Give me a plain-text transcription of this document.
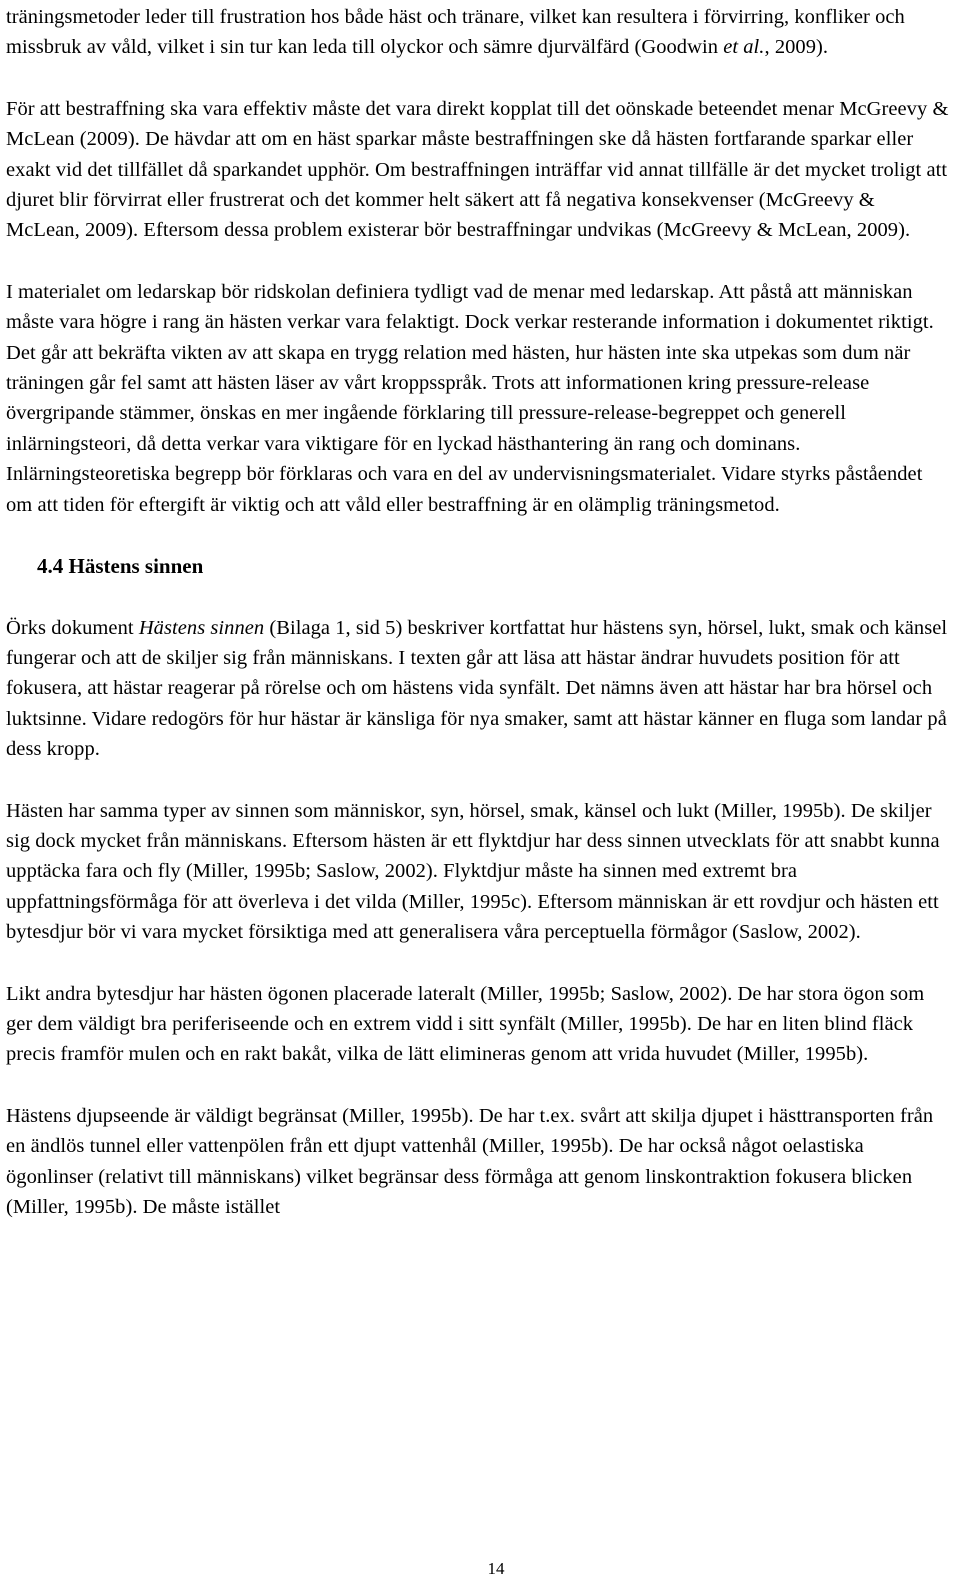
träningsmetoder leder till frustration hos både häst och tränare, vilket kan resultera i förvirring, konfliker och missbruk av våld, vilket i sin tur kan leda till olyckor och sämre djurvälfärd (Goodwin et al., 2009).

För att bestraffning ska vara effektiv måste det vara direkt kopplat till det oönskade beteendet menar McGreevy & McLean (2009). De hävdar att om en häst sparkar måste bestraffningen ske då hästen fortfarande sparkar eller exakt vid det tillfället då sparkandet upphör. Om bestraffningen inträffar vid annat tillfälle är det mycket troligt att djuret blir förvirrat eller frustrerat och det kommer helt säkert att få negativa konsekvenser (McGreevy & McLean, 2009). Eftersom dessa problem existerar bör bestraffningar undvikas (McGreevy & McLean, 2009).

I materialet om ledarskap bör ridskolan definiera tydligt vad de menar med ledarskap. Att påstå att människan måste vara högre i rang än hästen verkar vara felaktigt. Dock verkar resterande information i dokumentet riktigt. Det går att bekräfta vikten av att skapa en trygg relation med hästen, hur hästen inte ska utpekas som dum när träningen går fel samt att hästen läser av vårt kroppsspråk. Trots att informationen kring pressure-release övergripande stämmer, önskas en mer ingående förklaring till pressure-release-begreppet och generell inlärningsteori, då detta verkar vara viktigare för en lyckad hästhantering än rang och dominans. Inlärningsteoretiska begrepp bör förklaras och vara en del av undervisningsmaterialet. Vidare styrks påståendet om att tiden för eftergift är viktig och att våld eller bestraffning är en olämplig träningsmetod.

4.4 Hästens sinnen

Örks dokument Hästens sinnen (Bilaga 1, sid 5) beskriver kortfattat hur hästens syn, hörsel, lukt, smak och känsel fungerar och att de skiljer sig från människans. I texten går att läsa att hästar ändrar huvudets position för att fokusera, att hästar reagerar på rörelse och om hästens vida synfält. Det nämns även att hästar har bra hörsel och luktsinne. Vidare redogörs för hur hästar är känsliga för nya smaker, samt att hästar känner en fluga som landar på dess kropp.

Hästen har samma typer av sinnen som människor, syn, hörsel, smak, känsel och lukt (Miller, 1995b). De skiljer sig dock mycket från människans. Eftersom hästen är ett flyktdjur har dess sinnen utvecklats för att snabbt kunna upptäcka fara och fly (Miller, 1995b; Saslow, 2002). Flyktdjur måste ha sinnen med extremt bra uppfattningsförmåga för att överleva i det vilda (Miller, 1995c). Eftersom människan är ett rovdjur och hästen ett bytesdjur bör vi vara mycket försiktiga med att generalisera våra perceptuella förmågor (Saslow, 2002).

Likt andra bytesdjur har hästen ögonen placerade lateralt (Miller, 1995b; Saslow, 2002). De har stora ögon som ger dem väldigt bra periferiseende och en extrem vidd i sitt synfält (Miller, 1995b). De har en liten blind fläck precis framför mulen och en rakt bakåt, vilka de lätt elimineras genom att vrida huvudet (Miller, 1995b).

Hästens djupseende är väldigt begränsat (Miller, 1995b). De har t.ex. svårt att skilja djupet i hästtransporten från en ändlös tunnel eller vattenpölen från ett djupt vattenhål (Miller, 1995b). De har också något oelastiska ögonlinser (relativt till människans) vilket begränsar dess förmåga att genom linskontraktion fokusera blicken (Miller, 1995b). De måste istället

14
